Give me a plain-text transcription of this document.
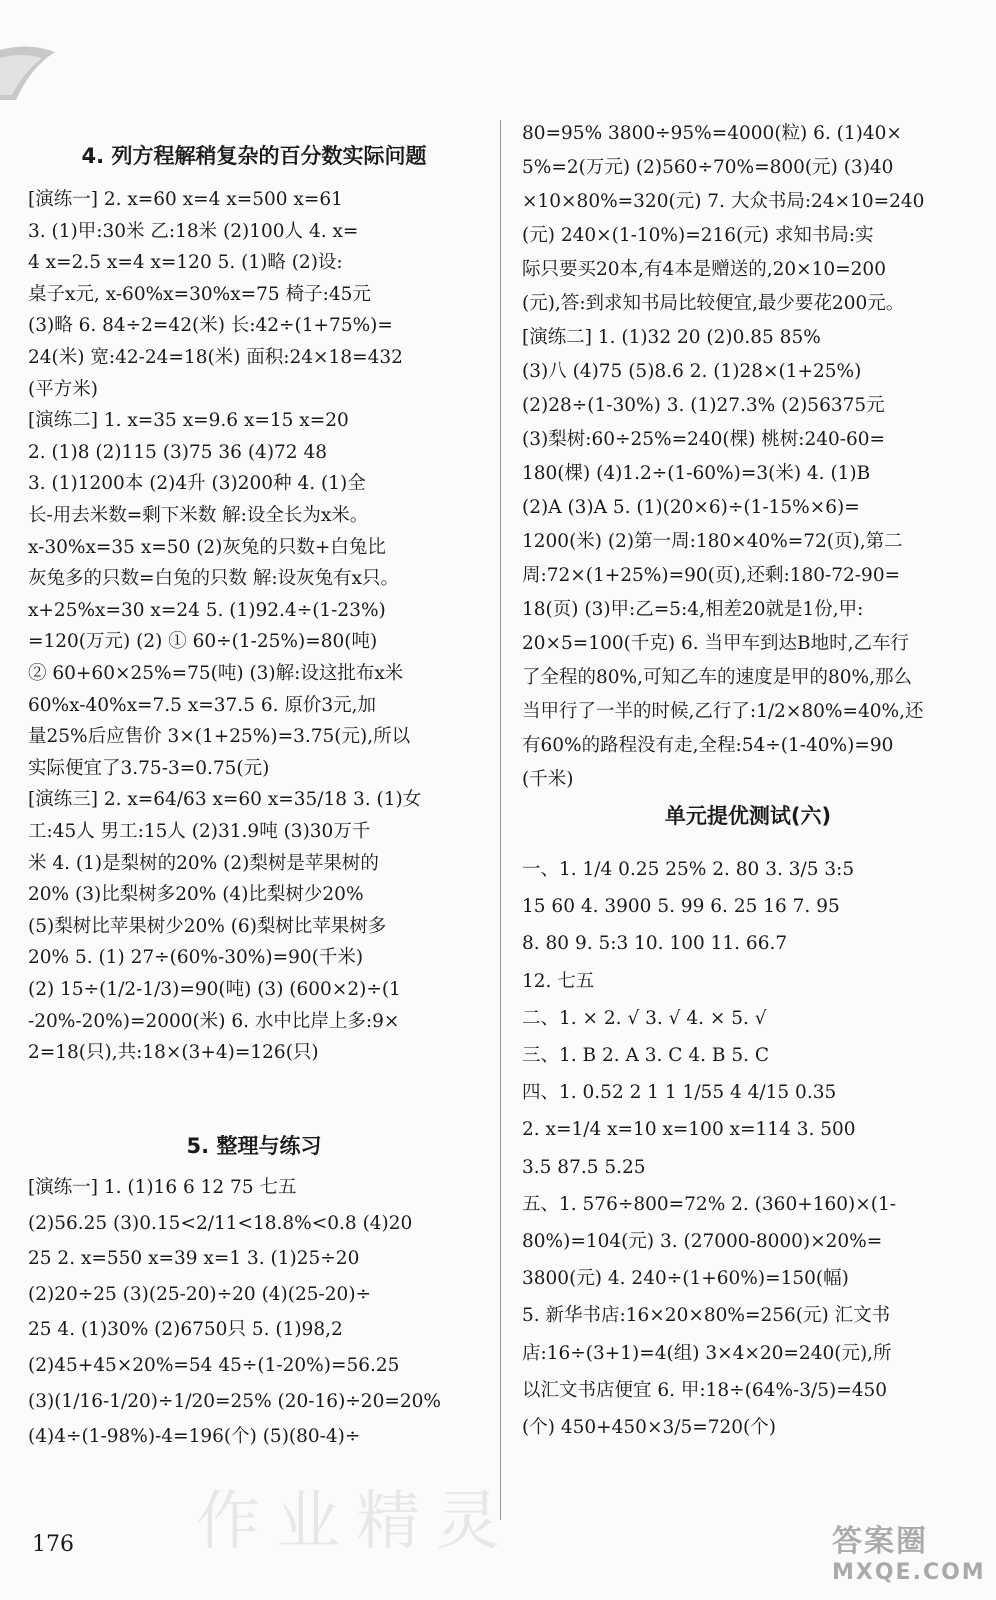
4. 列方程解稍复杂的百分数实际问题
[演练一] 2. x=60 x=4 x=500 x=61
3. (1)甲:30米 乙:18米 (2)100人 4. x=
4 x=2.5 x=4 x=120 5. (1)略 (2)设:
桌子x元, x-60%x=30%x=75 椅子:45元
(3)略 6. 84÷2=42(米) 长:42÷(1+75%)=
24(米) 宽:42-24=18(米) 面积:24×18=432
(平方米)
[演练二] 1. x=35 x=9.6 x=15 x=20
2. (1)8 (2)115 (3)75 36 (4)72 48
3. (1)1200本 (2)4升 (3)200种 4. (1)全
长-用去米数=剩下米数 解:设全长为x米。
x-30%x=35 x=50 (2)灰兔的只数+白兔比
灰兔多的只数=白兔的只数 解:设灰兔有x只。
x+25%x=30 x=24 5. (1)92.4÷(1-23%)
=120(万元) (2) ① 60÷(1-25%)=80(吨)
② 60+60×25%=75(吨) (3)解:设这批布x米
60%x-40%x=7.5 x=37.5 6. 原价3元,加
量25%后应售价 3×(1+25%)=3.75(元),所以
实际便宜了3.75-3=0.75(元)
[演练三] 2. x=64/63 x=60 x=35/18 3. (1)女
工:45人 男工:15人 (2)31.9吨 (3)30万千
米 4. (1)是梨树的20% (2)梨树是苹果树的
20% (3)比梨树多20% (4)比梨树少20%
(5)梨树比苹果树少20% (6)梨树比苹果树多
20% 5. (1) 27÷(60%-30%)=90(千米)
(2) 15÷(1/2-1/3)=90(吨) (3) (600×2)÷(1
-20%-20%)=2000(米) 6. 水中比岸上多:9×
2=18(只),共:18×(3+4)=126(只)
5. 整理与练习
[演练一] 1. (1)16 6 12 75 七五
(2)56.25 (3)0.15<2/11<18.8%<0.8 (4)20
25 2. x=550 x=39 x=1 3. (1)25÷20
(2)20÷25 (3)(25-20)÷20 (4)(25-20)÷
25 4. (1)30% (2)6750只 5. (1)98,2
(2)45+45×20%=54 45÷(1-20%)=56.25
(3)(1/16-1/20)÷1/20=25% (20-16)÷20=20%
(4)4÷(1-98%)-4=196(个) (5)(80-4)÷
80=95% 3800÷95%=4000(粒) 6. (1)40×
5%=2(万元) (2)560÷70%=800(元) (3)40
×10×80%=320(元) 7. 大众书局:24×10=240
(元) 240×(1-10%)=216(元) 求知书局:实
际只要买20本,有4本是赠送的,20×10=200
(元),答:到求知书局比较便宜,最少要花200元。
[演练二] 1. (1)32 20 (2)0.85 85%
(3)八 (4)75 (5)8.6 2. (1)28×(1+25%)
(2)28÷(1-30%) 3. (1)27.3% (2)56375元
(3)梨树:60÷25%=240(棵) 桃树:240-60=
180(棵) (4)1.2÷(1-60%)=3(米) 4. (1)B
(2)A (3)A 5. (1)(20×6)÷(1-15%×6)=
1200(米) (2)第一周:180×40%=72(页),第二
周:72×(1+25%)=90(页),还剩:180-72-90=
18(页) (3)甲:乙=5:4,相差20就是1份,甲:
20×5=100(千克) 6. 当甲车到达B地时,乙车行
了全程的80%,可知乙车的速度是甲的80%,那么
当甲行了一半的时候,乙行了:1/2×80%=40%,还
有60%的路程没有走,全程:54÷(1-40%)=90
(千米)
单元提优测试(六)
一、1. 1/4 0.25 25% 2. 80 3. 3/5 3:5
15 60 4. 3900 5. 99 6. 25 16 7. 95
8. 80 9. 5:3 10. 100 11. 66.7
12. 七五
二、1. × 2. √ 3. √ 4. × 5. √
三、1. B 2. A 3. C 4. B 5. C
四、1. 0.52 2 1 1 1/55 4 4/15 0.35
2. x=1/4 x=10 x=100 x=114 3. 500
3.5 87.5 5.25
五、1. 576÷800=72% 2. (360+160)×(1-
80%)=104(元) 3. (27000-8000)×20%=
3800(元) 4. 240÷(1+60%)=150(幅)
5. 新华书店:16×20×80%=256(元) 汇文书
店:16÷(3+1)=4(组) 3×4×20=240(元),所
以汇文书店便宜 6. 甲:18÷(64%-3/5)=450
(个) 450+450×3/5=720(个)
作业精灵	答案圈
MXQE.COM
176
